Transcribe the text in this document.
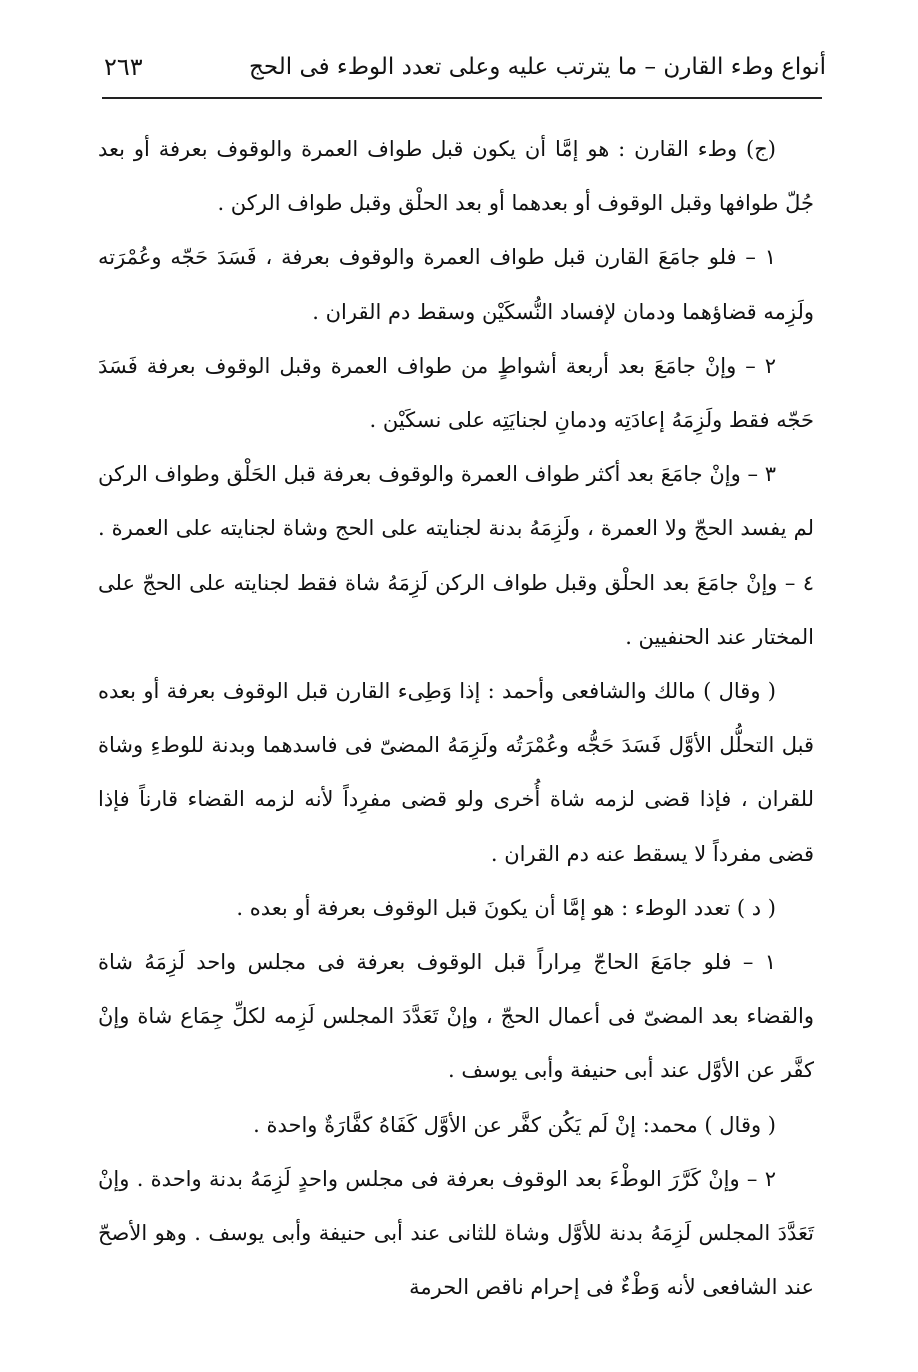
أنواع وطء القارن – ما يترتب عليه وعلى تعدد الوطء فى الحج
٢٦٣

(ج) وطء القارن : هو إمَّا أن يكون قبل طواف العمرة والوقوف بعرفة أو بعد جُلّ طوافها وقبل الوقوف أو بعدهما أو بعد الحلْق وقبل طواف الركن .

١ – فلو جامَعَ القارن قبل طواف العمرة والوقوف بعرفة ، فَسَدَ حَجّه وعُمْرَته ولَزِمه قضاؤهما ودمان لإفساد النُّسكَيْن وسقط دم القران .

٢ – وإنْ جامَعَ بعد أربعة أشواطٍ من طواف العمرة وقبل الوقوف بعرفة فَسَدَ حَجّه فقط ولَزِمَهُ إعادَتِه ودمانِ لجنايَتِه على نسكَيْن .

٣ – وإنْ جامَعَ بعد أكثر طواف العمرة والوقوف بعرفة قبل الحَلْق وطواف الركن لم يفسد الحجّ ولا العمرة ، ولَزِمَهُ بدنة لجنايته على الحج وشاة لجنايته على العمرة . ٤ – وإنْ جامَعَ بعد الحلْق وقبل طواف الركن لَزِمَهُ شاة فقط لجنايته على الحجّ على المختار عند الحنفيين .

( وقال ) مالك والشافعى وأحمد : إذا وَطِىء القارن قبل الوقوف بعرفة أو بعده قبل التحلُّل الأوَّل فَسَدَ حَجُّه وعُمْرَتُه ولَزِمَهُ المضىّ فى فاسدهما وبدنة للوطءِ وشاة للقران ، فإذا قضى لزمه شاة أُخرى ولو قضى مفرِداً لأنه لزمه القضاء قارناً فإذا قضى مفرداً لا يسقط عنه دم القران .

( د ) تعدد الوطء : هو إمَّا أن يكونَ قبل الوقوف بعرفة أو بعده .

١ – فلو جامَعَ الحاجّ مِراراً قبل الوقوف بعرفة فى مجلس واحد لَزِمَهُ شاة والقضاء بعد المضىّ فى أعمال الحجّ ، وإنْ تَعَدَّدَ المجلس لَزِمه لكلِّ جِمَاع شاة وإنْ كفَّر عن الأوَّل عند أبى حنيفة وأبى يوسف .

( وقال ) محمد: إنْ لَم يَكُن كفَّر عن الأوَّل كَفَاهُ كفَّارَةٌ واحدة .

٢ – وإنْ كَرَّرَ الوطْءَ بعد الوقوف بعرفة فى مجلس واحدٍ لَزِمَهُ بدنة واحدة . وإنْ تَعَدَّدَ المجلس لَزِمَهُ بدنة للأوَّل وشاة للثانى عند أبى حنيفة وأبى يوسف . وهو الأصحّ عند الشافعى لأنه وَطْءٌ فى إحرام ناقص الحرمة
